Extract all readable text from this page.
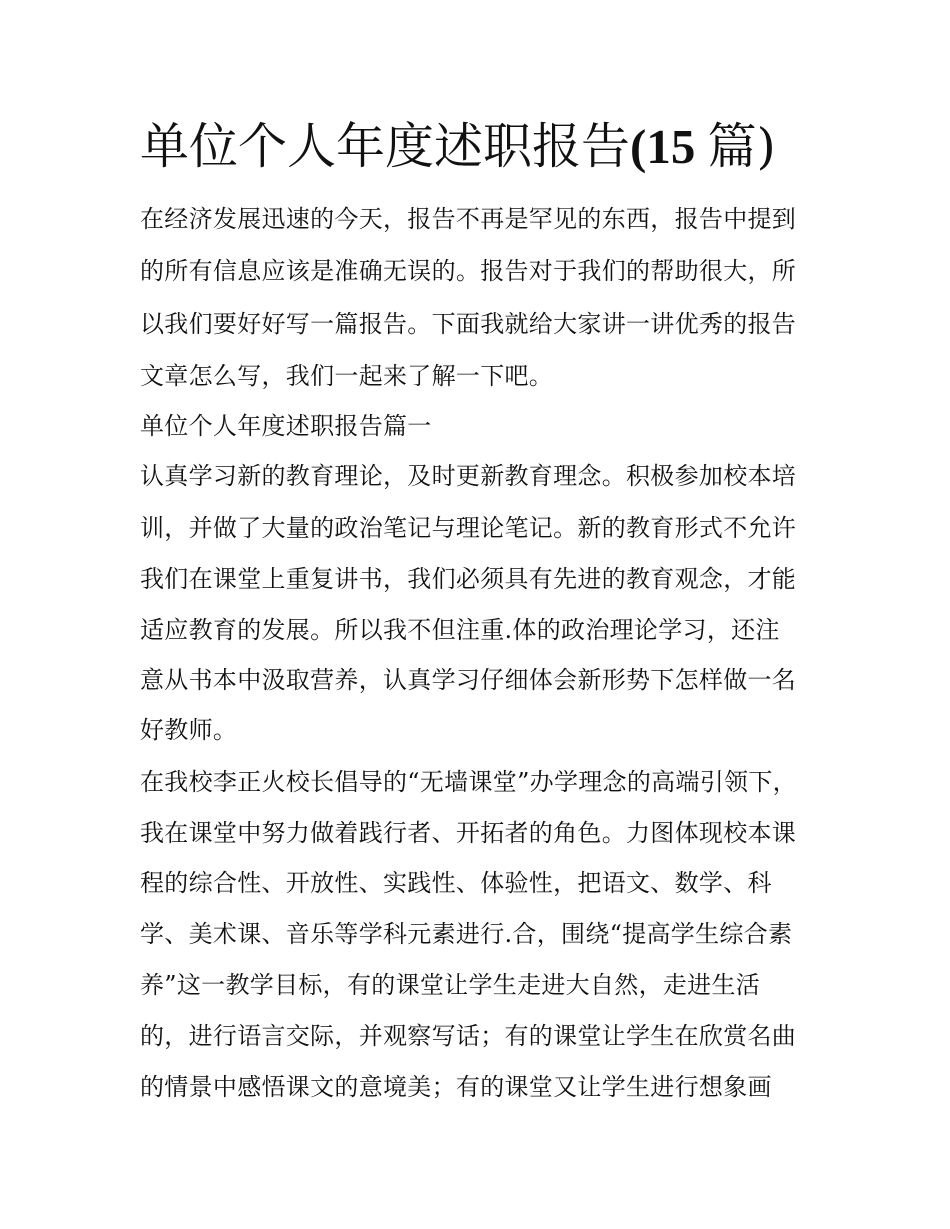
单位个人年度述职报告(15 篇)

在经济发展迅速的今天，报告不再是罕见的东西，报告中提到

的所有信息应该是准确无误的。报告对于我们的帮助很大，所

以我们要好好写一篇报告。下面我就给大家讲一讲优秀的报告

文章怎么写，我们一起来了解一下吧。

单位个人年度述职报告篇一

认真学习新的教育理论，及时更新教育理念。积极参加校本培

训，并做了大量的政治笔记与理论笔记。新的教育形式不允许

我们在课堂上重复讲书，我们必须具有先进的教育观念，才能

适应教育的发展。所以我不但注重.体的政治理论学习，还注

意从书本中汲取营养，认真学习仔细体会新形势下怎样做一名

好教师。

在我校李正火校长倡导的“无墙课堂”办学理念的高端引领下，

我在课堂中努力做着践行者、开拓者的角色。力图体现校本课

程的综合性、开放性、实践性、体验性，把语文、数学、科

学、美术课、音乐等学科元素进行.合，围绕“提高学生综合素

养”这一教学目标，有的课堂让学生走进大自然，走进生活

的，进行语言交际，并观察写话；有的课堂让学生在欣赏名曲

的情景中感悟课文的意境美；有的课堂又让学生进行想象画
